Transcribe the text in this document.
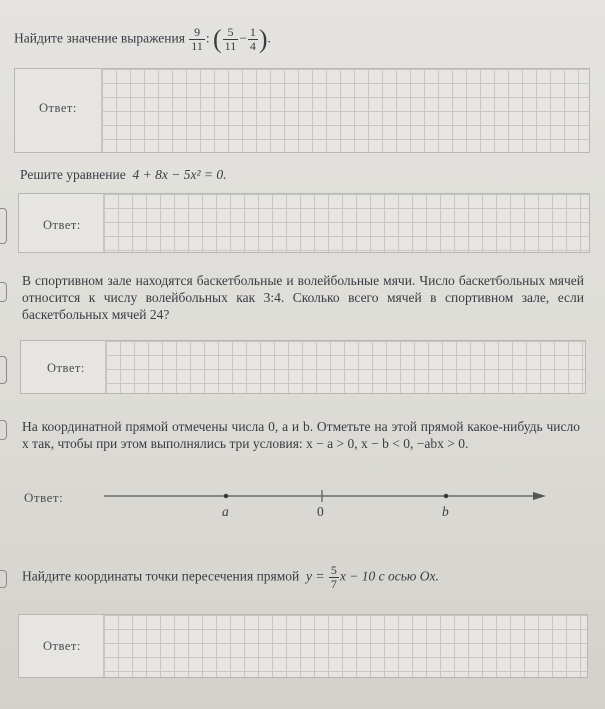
Найдите значение выражения $\frac{9}{11}$ : ( $\frac{5}{11} - \frac{1}{4}$ ).
Ответ:
Решите уравнение 4 + 8x − 5x² = 0.
Ответ:
В спортивном зале находятся баскетбольные и волейбольные мячи. Число баскетбольных мячей относится к числу волейбольных как 3:4. Сколько всего мячей в спортивном зале, если баскетбольных мячей 24?
Ответ:
На координатной прямой отмечены числа 0, a и b. Отметьте на этой прямой какое-нибудь число x так, чтобы при этом выполнялись три условия: x − a > 0, x − b < 0, −abx > 0.
Ответ:
a	0	b
Найдите координаты точки пересечения прямой $y = \frac{5}{7}$ x − 10 с осью Ox.
Ответ:
